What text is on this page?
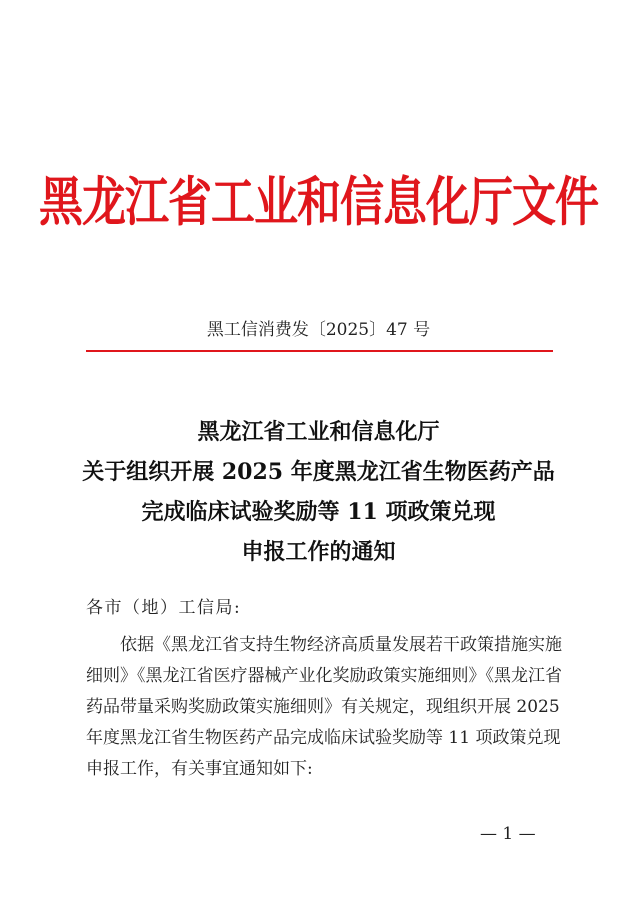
黑龙江省工业和信息化厅文件
黑工信消费发〔2025〕47 号
黑龙江省工业和信息化厅
关于组织开展 2025 年度黑龙江省生物医药产品
完成临床试验奖励等 11 项政策兑现
申报工作的通知
各市（地）工信局:
依据《黑龙江省支持生物经济高质量发展若干政策措施实施
细则》《黑龙江省医疗器械产业化奖励政策实施细则》《黑龙江省
药品带量采购奖励政策实施细则》有关规定，现组织开展 2025
年度黑龙江省生物医药产品完成临床试验奖励等 11 项政策兑现
申报工作，有关事宜通知如下:
— 1 —
